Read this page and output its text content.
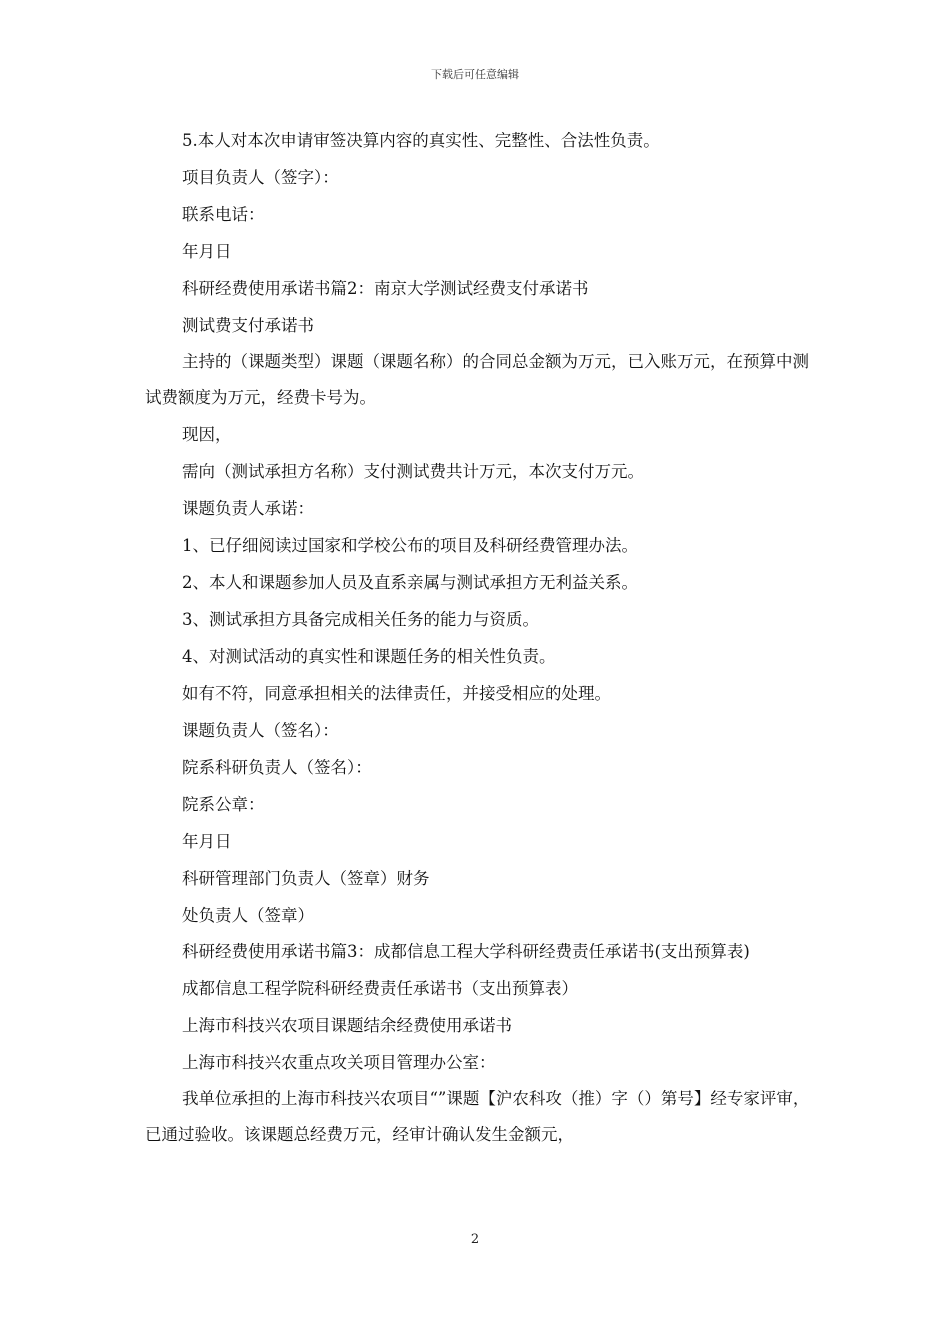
下载后可任意编辑

5.本人对本次申请审签决算内容的真实性、完整性、合法性负责。

项目负责人（签字）：

联系电话：

年月日

科研经费使用承诺书篇2：南京大学测试经费支付承诺书

测试费支付承诺书

主持的（课题类型）课题（课题名称）的合同总金额为万元，已入账万元，在预算中测试费额度为万元，经费卡号为。

现因，

需向（测试承担方名称）支付测试费共计万元，本次支付万元。

课题负责人承诺：

1、已仔细阅读过国家和学校公布的项目及科研经费管理办法。

2、本人和课题参加人员及直系亲属与测试承担方无利益关系。

3、测试承担方具备完成相关任务的能力与资质。

4、对测试活动的真实性和课题任务的相关性负责。

如有不符，同意承担相关的法律责任，并接受相应的处理。

课题负责人（签名）：

院系科研负责人（签名）：

院系公章：

年月日

科研管理部门负责人（签章）财务

处负责人（签章）

科研经费使用承诺书篇3：成都信息工程大学科研经费责任承诺书(支出预算表)

成都信息工程学院科研经费责任承诺书（支出预算表）

上海市科技兴农项目课题结余经费使用承诺书

上海市科技兴农重点攻关项目管理办公室：

我单位承担的上海市科技兴农项目“”课题【沪农科攻（推）字（）第号】经专家评审，已通过验收。该课题总经费万元，经审计确认发生金额元，

2
